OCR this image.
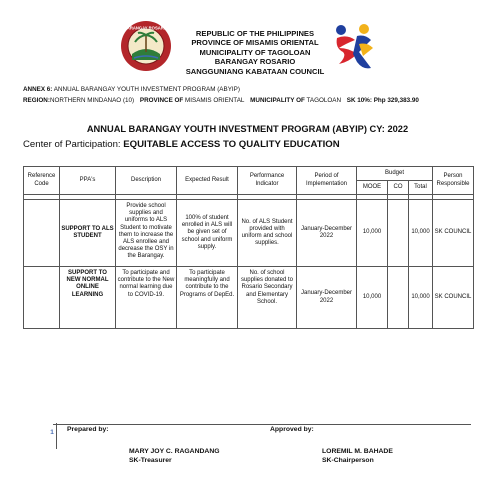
BARANGAY ROSARIO
REPUBLIC OF THE PHILIPPINES
PROVINCE OF MISAMIS ORIENTAL
MUNICIPALITY OF TAGOLOAN
BARANGAY ROSARIO
SANGGUNIANG KABATAAN COUNCIL
ANNEX 6: ANNUAL BARANGAY YOUTH INVESTMENT PROGRAM (ABYIP)
REGION:NORTHERN MINDANAO (10) PROVINCE OF MISAMIS ORIENTAL MUNICIPALITY OF TAGOLOAN SK 10%: Php 329,383.90
ANNUAL BARANGAY YOUTH INVESTMENT PROGRAM (ABYIP) CY: 2022
Center of Participation: EQUITABLE ACCESS TO QUALITY EDUCATION
Reference Code	PPA's	Description	Expected Result	Performance Indicator	Period of Implementation	Budget			Person Responsible
						MOOE	CO	Total	

	SUPPORT TO ALS STUDENT	Provide school supplies and uniforms to ALS Student to motivate them to increase the ALS enrollee and decrease the OSY in the Barangay.	100% of student enrolled in ALS will be given set of school and uniform supply.	No. of ALS Student provided with uniform and school supplies.	January-December 2022	10,000		10,000	SK COUNCIL
	SUPPORT TO NEW NORMAL ONLINE LEARNING	To participate and contribute to the New normal learning due to COVID-19.	To participate meaningfully and contribute to the Programs of DepEd.	No. of school supplies donated to Rosario Secondary and Elementary School.	January-December 2022	10,000		10,000	SK COUNCIL
1	Prepared by:	Approved by:
MARY JOY C. RAGANDANG
SK-Treasurer
LOREMIL M. BAHADE
SK-Chairperson
